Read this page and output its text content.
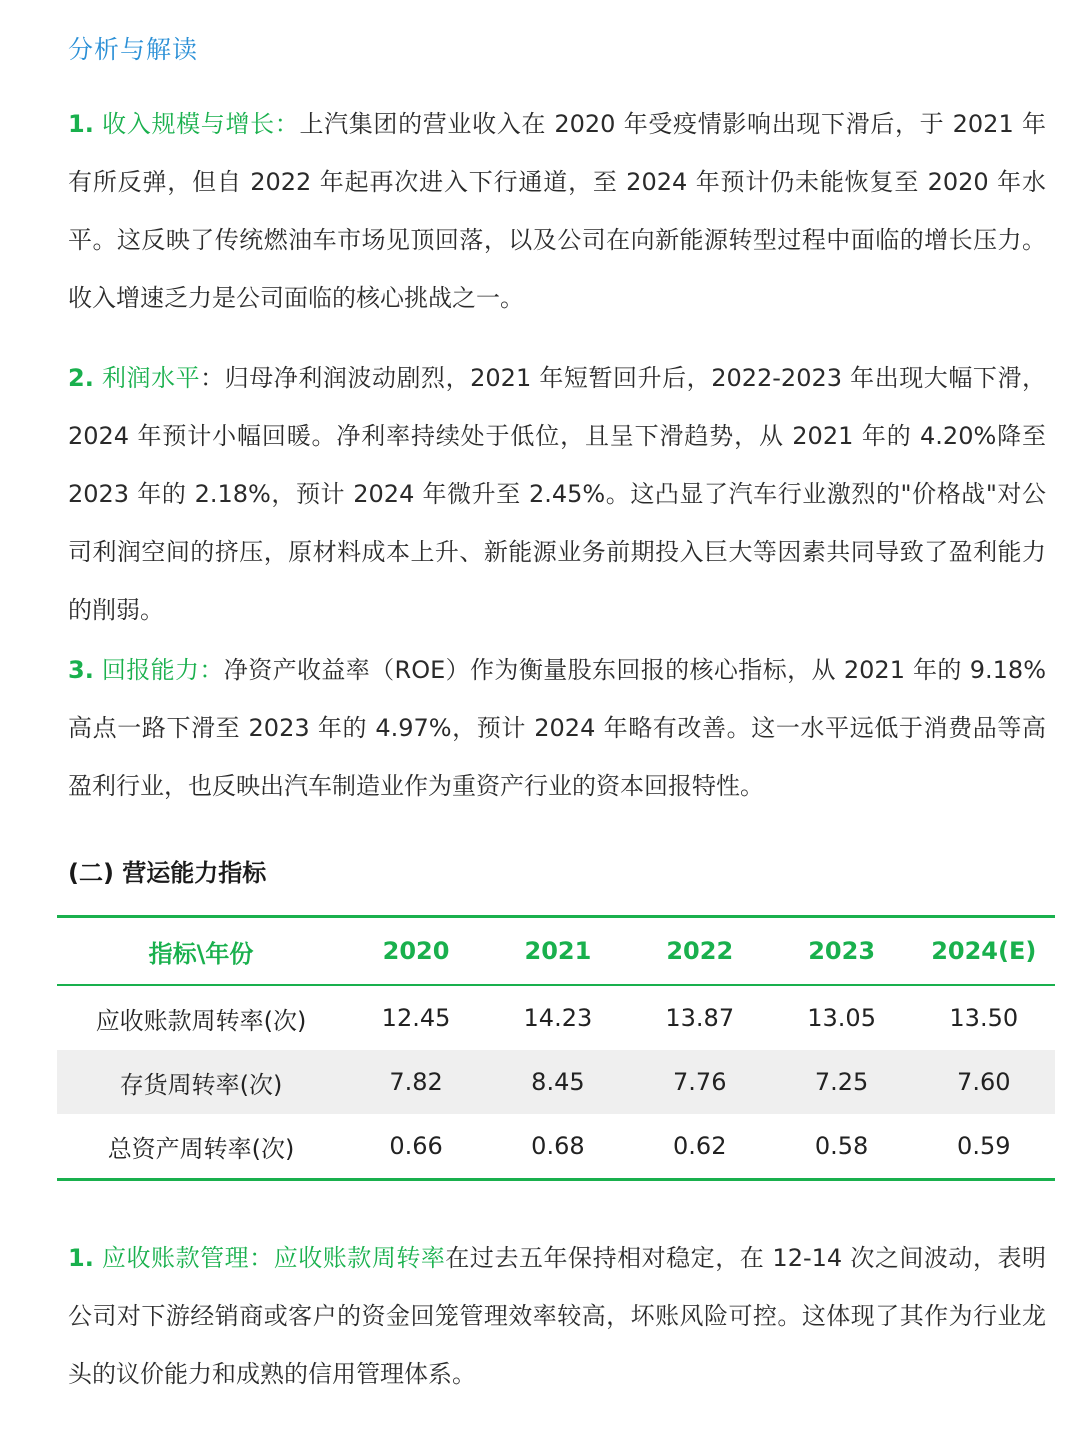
分析与解读
1. 收入规模与增长：上汽集团的营业收入在 2020 年受疫情影响出现下滑后，于 2021 年有所反弹，但自 2022 年起再次进入下行通道，至 2024 年预计仍未能恢复至 2020 年水平。这反映了传统燃油车市场见顶回落，以及公司在向新能源转型过程中面临的增长压力。收入增速乏力是公司面临的核心挑战之一。
2. 利润水平：归母净利润波动剧烈，2021 年短暂回升后，2022-2023 年出现大幅下滑，2024 年预计小幅回暖。净利率持续处于低位，且呈下滑趋势，从 2021 年的 4.20%降至 2023 年的 2.18%，预计 2024 年微升至 2.45%。这凸显了汽车行业激烈的"价格战"对公司利润空间的挤压，原材料成本上升、新能源业务前期投入巨大等因素共同导致了盈利能力的削弱。
3. 回报能力：净资产收益率（ROE）作为衡量股东回报的核心指标，从 2021 年的 9.18%高点一路下滑至 2023 年的 4.97%，预计 2024 年略有改善。这一水平远低于消费品等高盈利行业，也反映出汽车制造业作为重资产行业的资本回报特性。
(二) 营运能力指标
指标\年份	2020	2021	2022	2023	2024(E)
应收账款周转率(次)	12.45	14.23	13.87	13.05	13.50
存货周转率(次)	7.82	8.45	7.76	7.25	7.60
总资产周转率(次)	0.66	0.68	0.62	0.58	0.59
1. 应收账款管理：应收账款周转率在过去五年保持相对稳定，在 12-14 次之间波动，表明公司对下游经销商或客户的资金回笼管理效率较高，坏账风险可控。这体现了其作为行业龙头的议价能力和成熟的信用管理体系。
